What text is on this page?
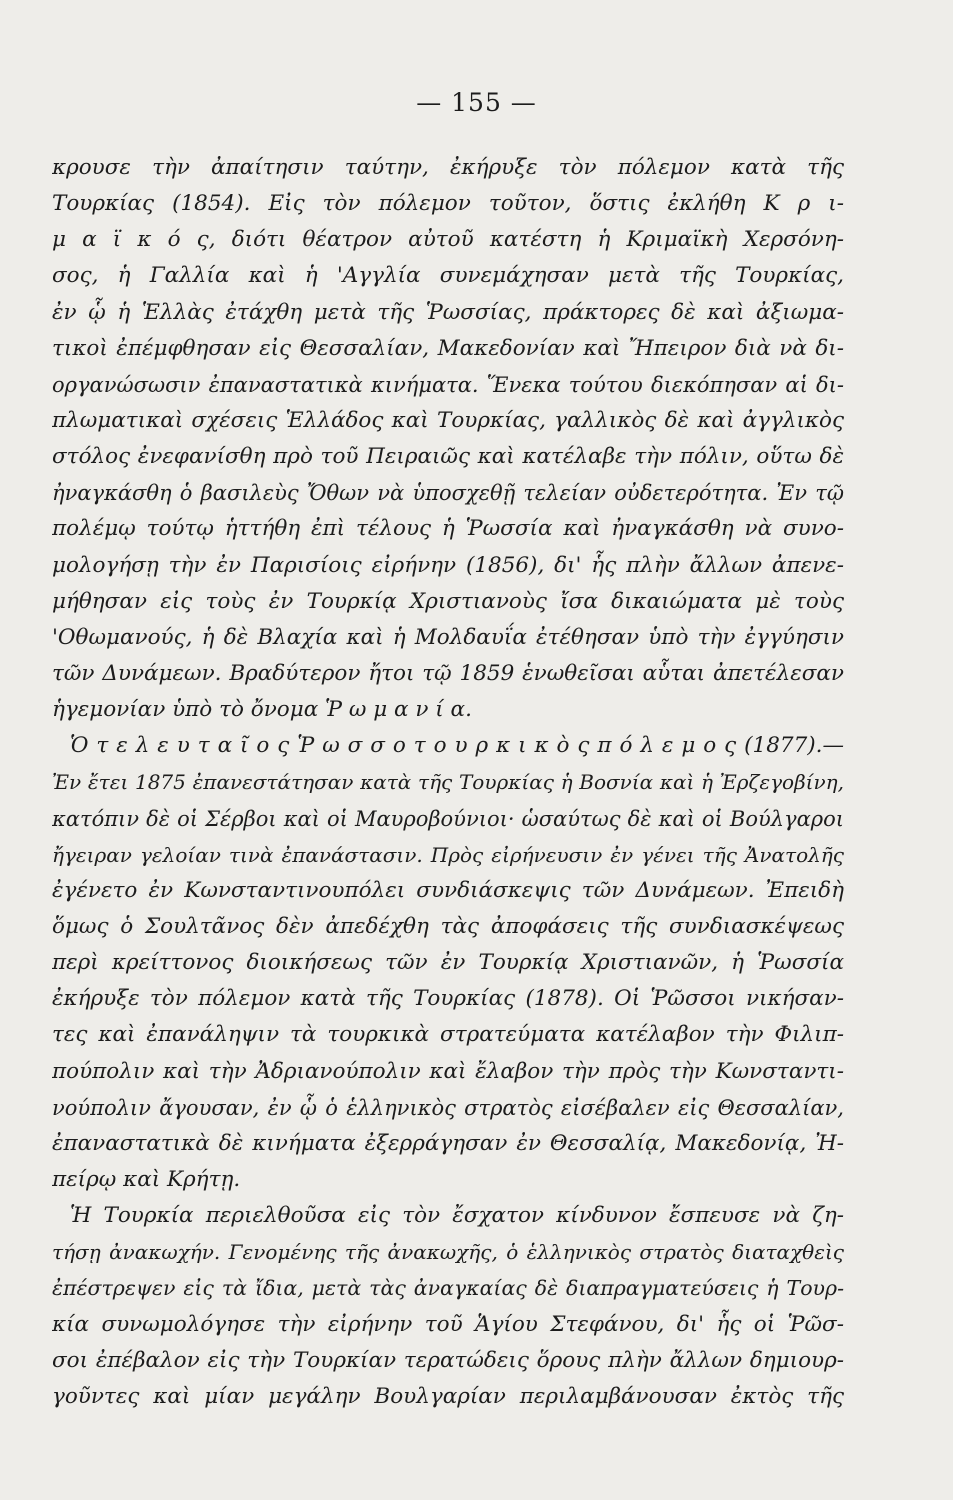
— 155 —
κρουσε τὴν ἀπαίτησιν ταύτην, ἐκήρυξε τὸν πόλεμον κατὰ τῆς
Τουρκίας (1854). Εἰς τὸν πόλεμον τοῦτον, ὅστις ἐκλήθη Κ ρ ι-
μ α ϊ κ ό ς, διότι θέατρον αὐτοῦ κατέστη ἡ Κριμαϊκὴ Χερσόνη-
σος, ἡ Γαλλία καὶ ἡ 'Αγγλία συνεμάχησαν μετὰ τῆς Τουρκίας,
ἐν ᾧ ἡ Ἑλλὰς ἐτάχθη μετὰ τῆς Ῥωσσίας, πράκτορες δὲ καὶ ἀξιωμα-
τικοὶ ἐπέμφθησαν εἰς Θεσσαλίαν, Μακεδονίαν καὶ Ἤπειρον διὰ νὰ δι-
οργανώσωσιν ἐπαναστατικὰ κινήματα. Ἕνεκα τούτου διεκόπησαν αἱ δι-
πλωματικαὶ σχέσεις Ἑλλάδος καὶ Τουρκίας, γαλλικὸς δὲ καὶ ἀγγλικὸς
στόλος ἐνεφανίσθη πρὸ τοῦ Πειραιῶς καὶ κατέλαβε τὴν πόλιν, οὕτω δὲ
ἠναγκάσθη ὁ βασιλεὺς Ὄθων νὰ ὑποσχεθῇ τελείαν οὐδετερότητα. Ἐν τῷ
πολέμῳ τούτῳ ἡττήθη ἐπὶ τέλους ἡ Ῥωσσία καὶ ἠναγκάσθη νὰ συνο-
μολογήσῃ τὴν ἐν Παρισίοις εἰρήνην (1856), δι' ἧς πλὴν ἄλλων ἀπενε-
μήθησαν εἰς τοὺς ἐν Τουρκίᾳ Χριστιανοὺς ἴσα δικαιώματα μὲ τοὺς
'Οθωμανούς, ἡ δὲ Βλαχία καὶ ἡ Μολδαυΐα ἐτέθησαν ὑπὸ τὴν ἐγγύησιν
τῶν Δυνάμεων. Βραδύτερον ἤτοι τῷ 1859 ἑνωθεῖσαι αὗται ἀπετέλεσαν
ἡγεμονίαν ὑπὸ τὸ ὄνομα Ῥ ω μ α ν ί α.
Ὁ τ ε λ ε υ τ α ῖ ο ς Ῥ ω σ σ ο τ ο υ ρ κ ι κ ὸ ς π ό λ ε μ ο ς (1877).—
Ἐν ἔτει 1875 ἐπανεστάτησαν κατὰ τῆς Τουρκίας ἡ Βοσνία καὶ ἡ Ἐρζεγοβίνη,
κατόπιν δὲ οἱ Σέρβοι καὶ οἱ Μαυροβούνιοι· ὡσαύτως δὲ καὶ οἱ Βούλγαροι
ἤγειραν γελοίαν τινὰ ἐπανάστασιν. Πρὸς εἰρήνευσιν ἐν γένει τῆς Ἀνατολῆς
ἐγένετο ἐν Κωνσταντινουπόλει συνδιάσκεψις τῶν Δυνάμεων. Ἐπειδὴ
ὅμως ὁ Σουλτᾶνος δὲν ἀπεδέχθη τὰς ἀποφάσεις τῆς συνδιασκέψεως
περὶ κρείττονος διοικήσεως τῶν ἐν Τουρκίᾳ Χριστιανῶν, ἡ Ῥωσσία
ἐκήρυξε τὸν πόλεμον κατὰ τῆς Τουρκίας (1878). Οἱ Ῥῶσσοι νικήσαν-
τες καὶ ἐπανάληψιν τὰ τουρκικὰ στρατεύματα κατέλαβον τὴν Φιλιπ-
πούπολιν καὶ τὴν Ἀδριανούπολιν καὶ ἔλαβον τὴν πρὸς τὴν Κωνσταντι-
νούπολιν ἄγουσαν, ἐν ᾧ ὁ ἑλληνικὸς στρατὸς εἰσέβαλεν εἰς Θεσσαλίαν,
ἐπαναστατικὰ δὲ κινήματα ἐξερράγησαν ἐν Θεσσαλίᾳ, Μακεδονίᾳ, Ἠ-
πείρῳ καὶ Κρήτῃ.
Ἡ Τουρκία περιελθοῦσα εἰς τὸν ἔσχατον κίνδυνον ἔσπευσε νὰ ζη-
τήσῃ ἀνακωχήν. Γενομένης τῆς ἀνακωχῆς, ὁ ἑλληνικὸς στρατὸς διαταχθεὶς
ἐπέστρεψεν εἰς τὰ ἴδια, μετὰ τὰς ἀναγκαίας δὲ διαπραγματεύσεις ἡ Τουρ-
κία συνωμολόγησε τὴν εἰρήνην τοῦ Ἁγίου Στεφάνου, δι' ἧς οἱ Ῥῶσ-
σοι ἐπέβαλον εἰς τὴν Τουρκίαν τερατώδεις ὅρους πλὴν ἄλλων δημιουρ-
γοῦντες καὶ μίαν μεγάλην Βουλγαρίαν περιλαμβάνουσαν ἐκτὸς τῆς
